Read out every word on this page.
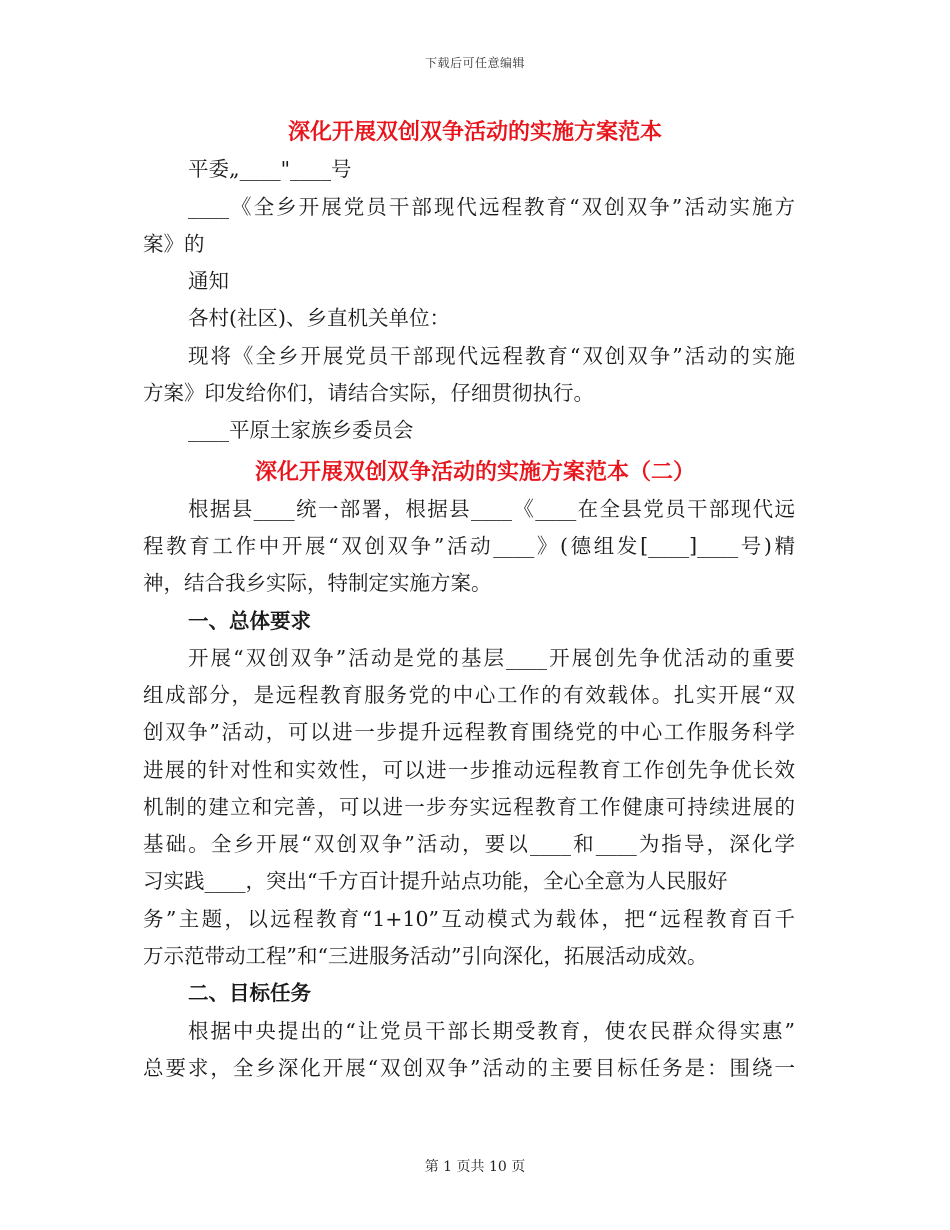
下载后可任意编辑
深化开展双创双争活动的实施方案范本
平委„____"____号
____《全乡开展党员干部现代远程教育“双创双争”活动实施方
案》的
通知
各村(社区)、乡直机关单位：
现将《全乡开展党员干部现代远程教育“双创双争”活动的实施
方案》印发给你们，请结合实际，仔细贯彻执行。
____平原土家族乡委员会
深化开展双创双争活动的实施方案范本（二）
根据县____统一部署，根据县____《____在全县党员干部现代远
程教育工作中开展“双创双争”活动____》(德组发[____]____号)精
神，结合我乡实际，特制定实施方案。
一、总体要求
开展“双创双争”活动是党的基层____开展创先争优活动的重要
组成部分，是远程教育服务党的中心工作的有效载体。扎实开展“双
创双争”活动，可以进一步提升远程教育围绕党的中心工作服务科学
进展的针对性和实效性，可以进一步推动远程教育工作创先争优长效
机制的建立和完善，可以进一步夯实远程教育工作健康可持续进展的
基础。全乡开展“双创双争”活动，要以____和____为指导，深化学
习实践____，突出“千方百计提升站点功能，全心全意为人民服好
务”主题，以远程教育“1+10”互动模式为载体，把“远程教育百千
万示范带动工程”和“三进服务活动”引向深化，拓展活动成效。
二、目标任务
根据中央提出的“让党员干部长期受教育，使农民群众得实惠”
总要求，全乡深化开展“双创双争”活动的主要目标任务是：围绕一
第 1 页共 10 页
